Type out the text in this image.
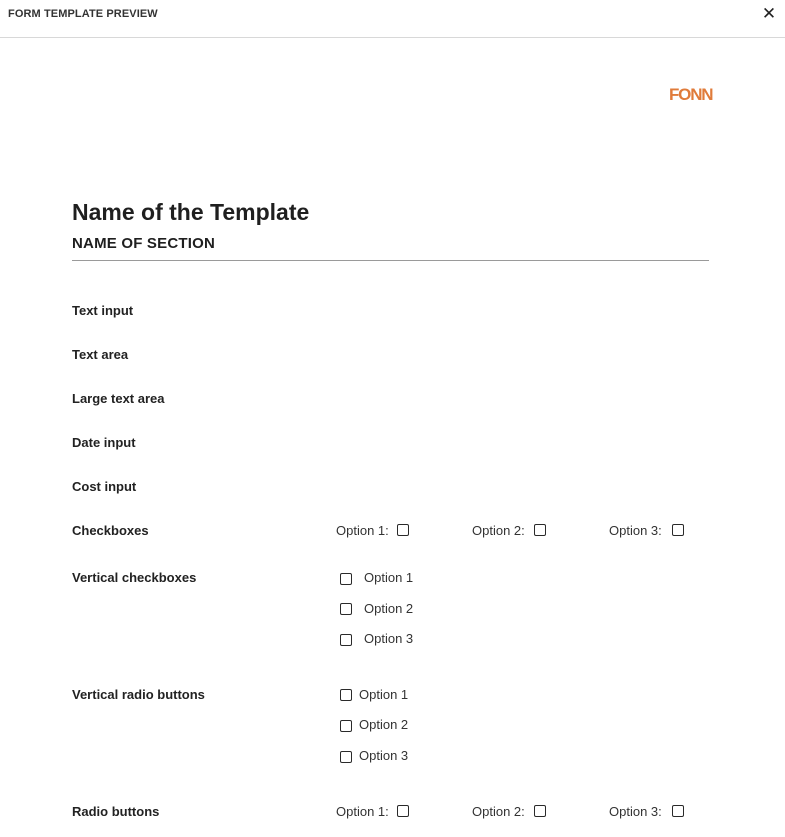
FORM TEMPLATE PREVIEW	✕
FONN
Name of the Template
NAME OF SECTION
Text input
Text area
Large text area
Date input
Cost input
Checkboxes	Option 1:	Option 2:	Option 3:
Vertical checkboxes	Option 1
Option 2
Option 3
Vertical radio buttons	Option 1
Option 2
Option 3
Radio buttons	Option 1:	Option 2:	Option 3:
